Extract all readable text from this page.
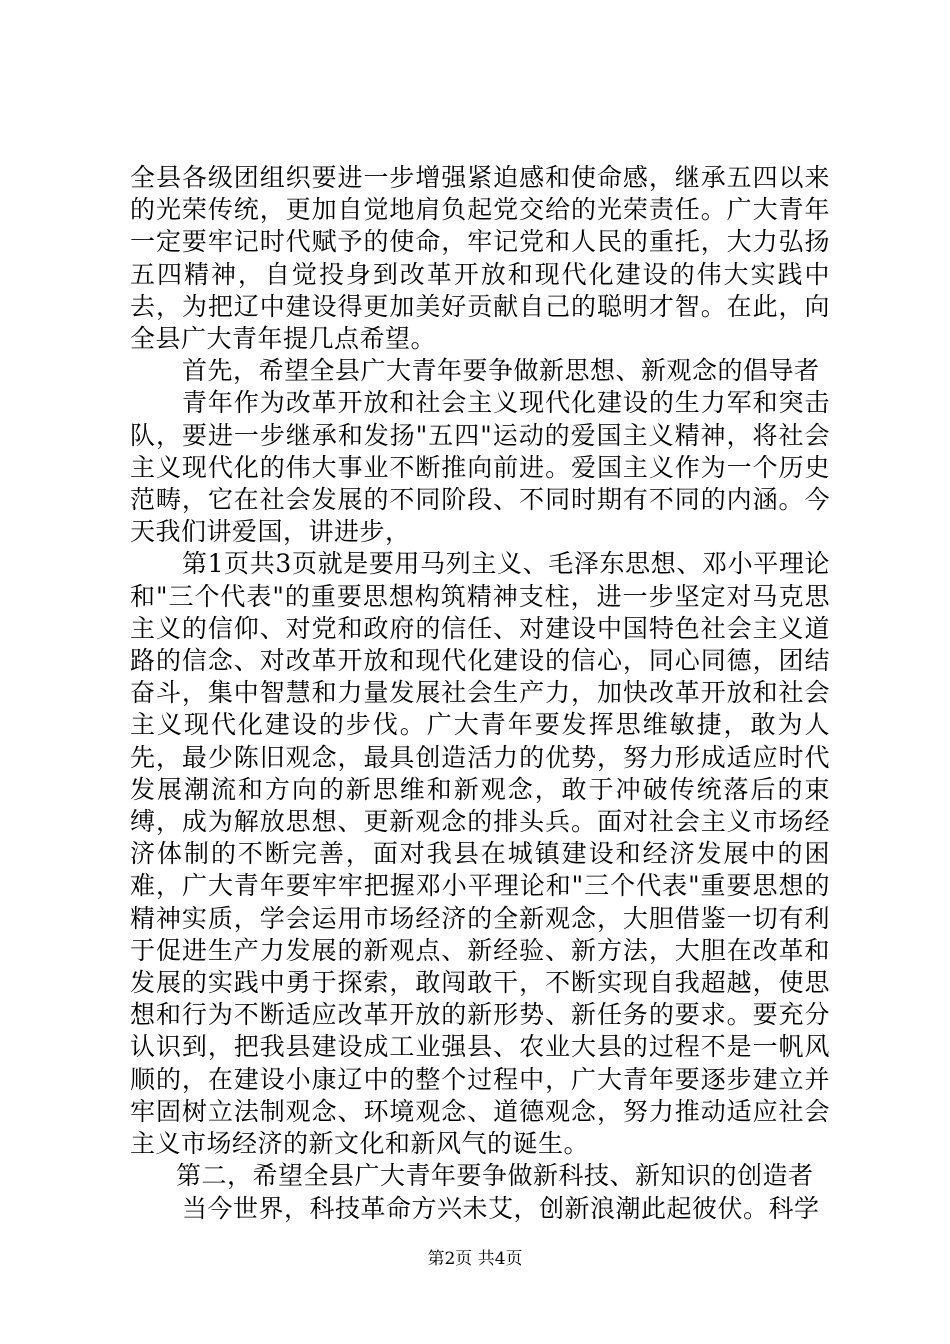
全县各级团组织要进一步增强紧迫感和使命感，继承五四以来的光荣传统，更加自觉地肩负起党交给的光荣责任。广大青年一定要牢记时代赋予的使命，牢记党和人民的重托，大力弘扬五四精神，自觉投身到改革开放和现代化建设的伟大实践中去，为把辽中建设得更加美好贡献自己的聪明才智。在此，向全县广大青年提几点希望。

首先，希望全县广大青年要争做新思想、新观念的倡导者

青年作为改革开放和社会主义现代化建设的生力军和突击队，要进一步继承和发扬"五四"运动的爱国主义精神，将社会主义现代化的伟大事业不断推向前进。爱国主义作为一个历史范畴，它在社会发展的不同阶段、不同时期有不同的内涵。今天我们讲爱国，讲进步，

第1页共3页就是要用马列主义、毛泽东思想、邓小平理论和"三个代表"的重要思想构筑精神支柱，进一步坚定对马克思主义的信仰、对党和政府的信任、对建设中国特色社会主义道路的信念、对改革开放和现代化建设的信心，同心同德，团结奋斗，集中智慧和力量发展社会生产力，加快改革开放和社会主义现代化建设的步伐。广大青年要发挥思维敏捷，敢为人先，最少陈旧观念，最具创造活力的优势，努力形成适应时代发展潮流和方向的新思维和新观念，敢于冲破传统落后的束缚，成为解放思想、更新观念的排头兵。面对社会主义市场经济体制的不断完善，面对我县在城镇建设和经济发展中的困难，广大青年要牢牢把握邓小平理论和"三个代表"重要思想的精神实质，学会运用市场经济的全新观念，大胆借鉴一切有利于促进生产力发展的新观点、新经验、新方法，大胆在改革和发展的实践中勇于探索，敢闯敢干，不断实现自我超越，使思想和行为不断适应改革开放的新形势、新任务的要求。要充分认识到，把我县建设成工业强县、农业大县的过程不是一帆风顺的，在建设小康辽中的整个过程中，广大青年要逐步建立并牢固树立法制观念、环境观念、道德观念，努力推动适应社会主义市场经济的新文化和新风气的诞生。

第二，希望全县广大青年要争做新科技、新知识的创造者

当今世界，科技革命方兴未艾，创新浪潮此起彼伏。科学

第2页 共4页
